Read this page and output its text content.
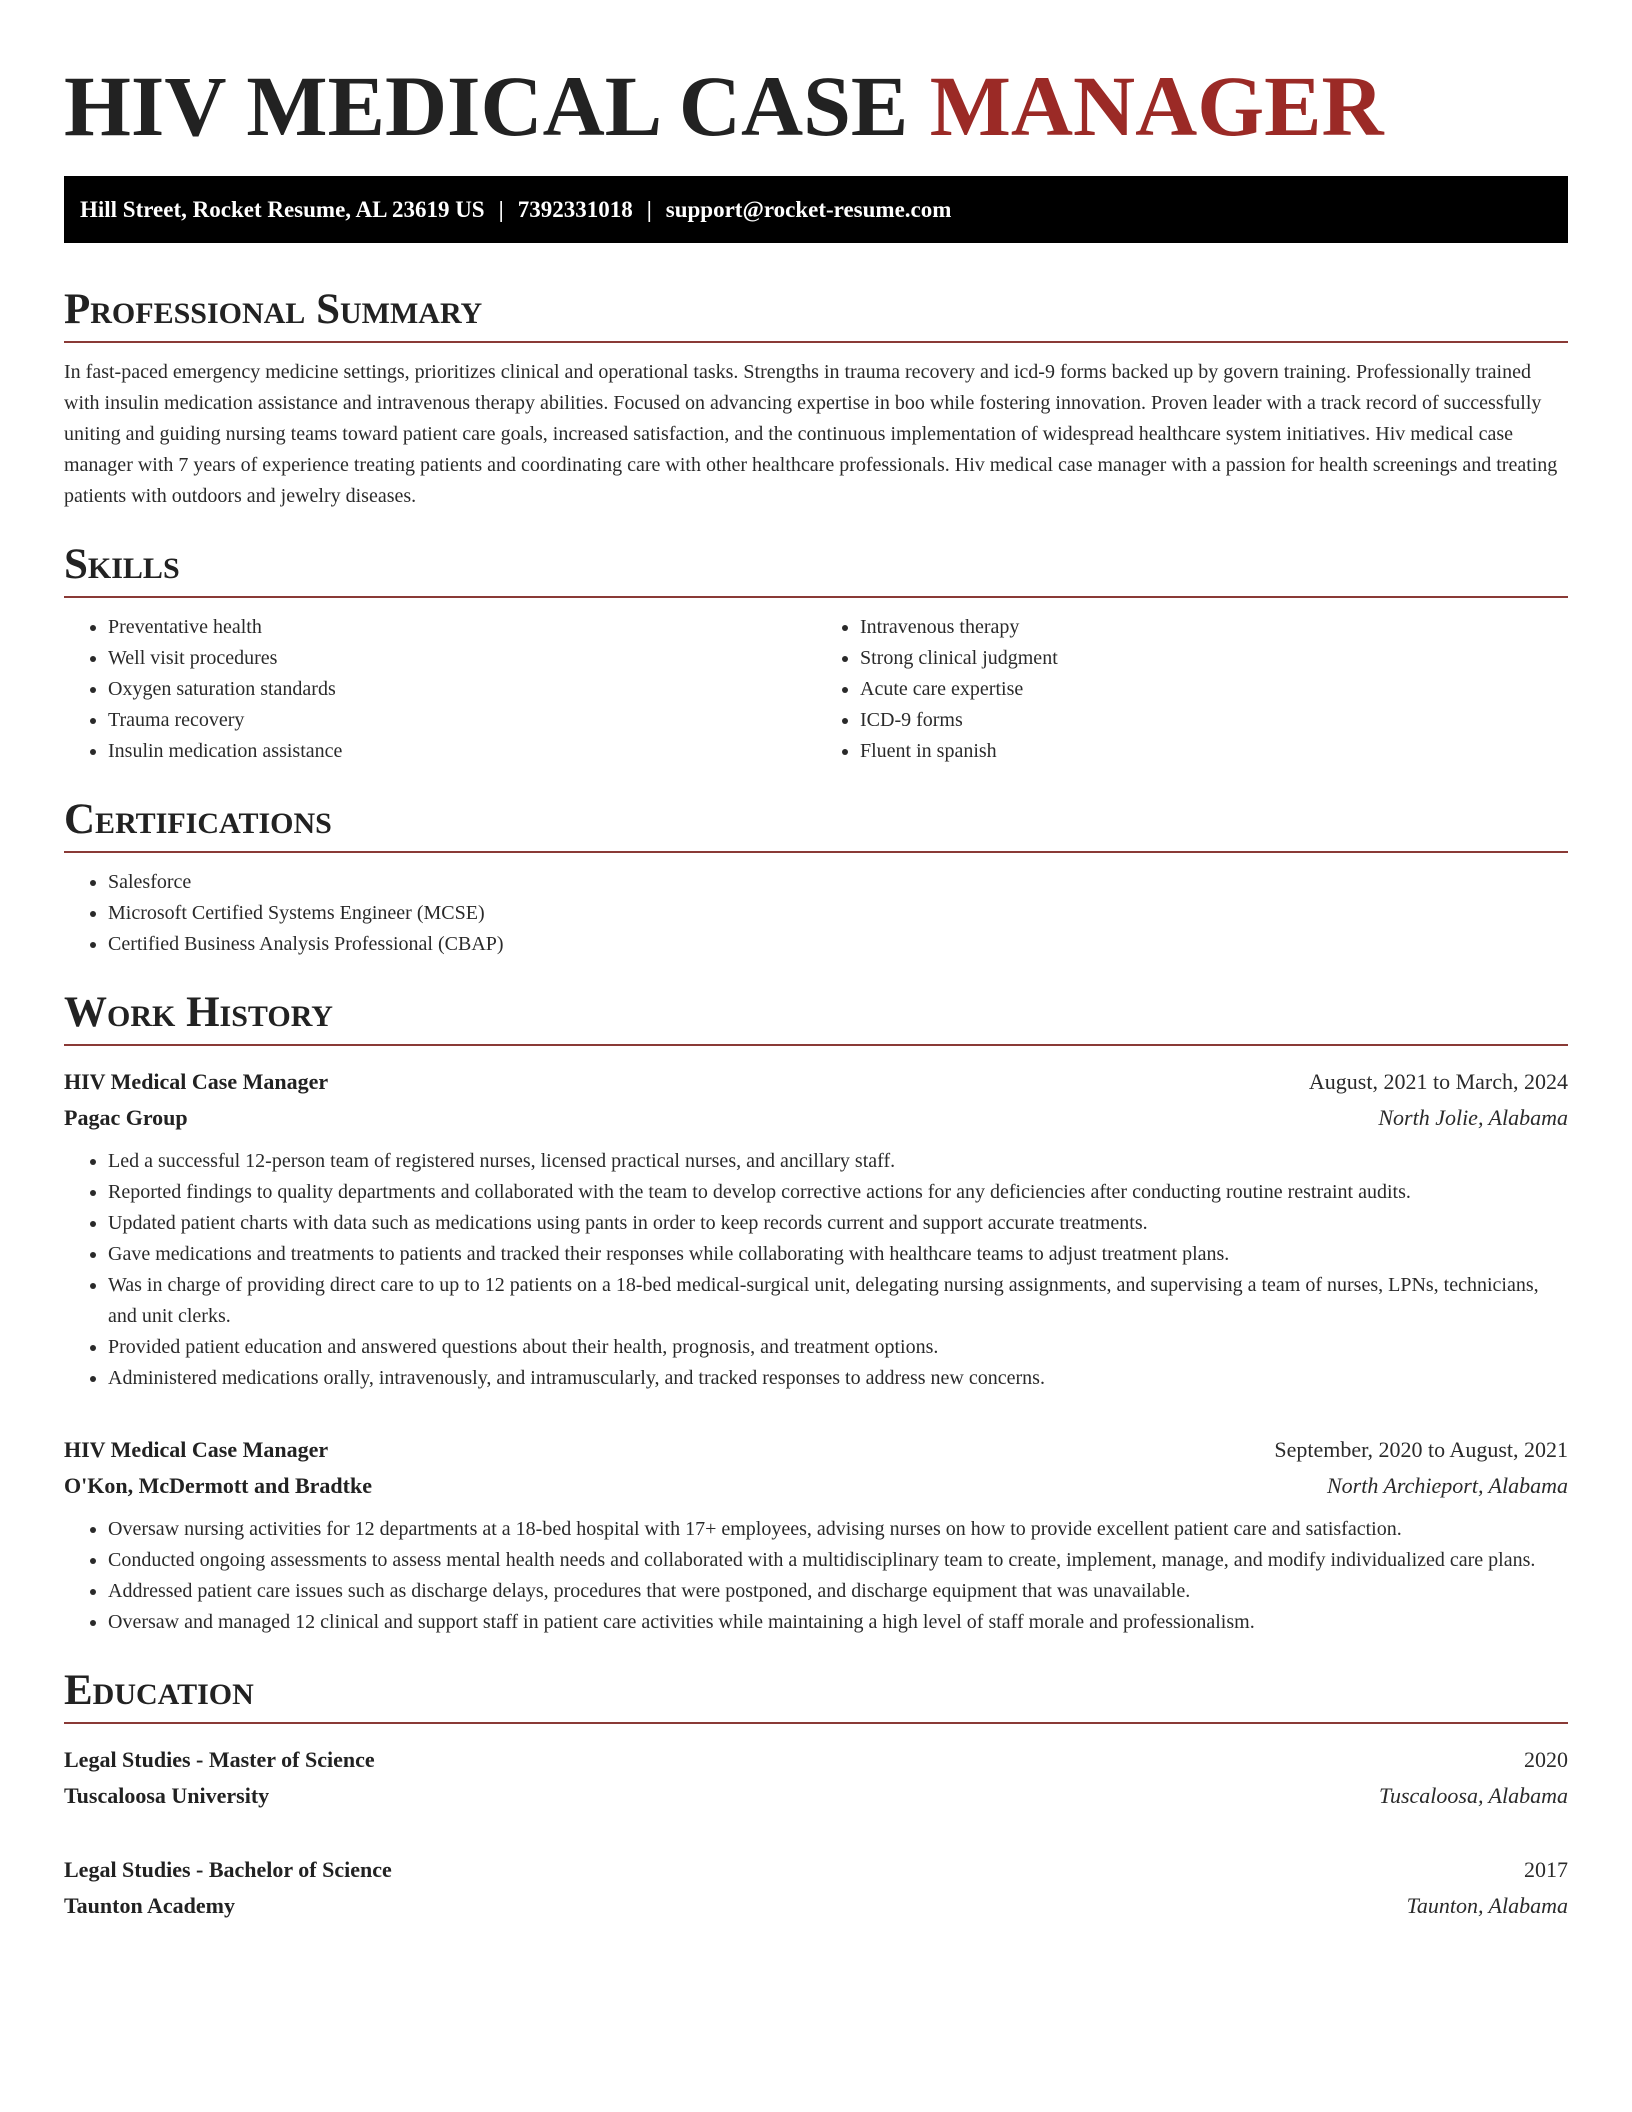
HIV MEDICAL CASE MANAGER
Hill Street, Rocket Resume, AL 23619 US | 7392331018 | support@rocket-resume.com
Professional Summary

In fast-paced emergency medicine settings, prioritizes clinical and operational tasks. Strengths in trauma recovery and icd-9 forms backed up by govern training. Professionally trained with insulin medication assistance and intravenous therapy abilities. Focused on advancing expertise in boo while fostering innovation. Proven leader with a track record of successfully uniting and guiding nursing teams toward patient care goals, increased satisfaction, and the continuous implementation of widespread healthcare system initiatives. Hiv medical case manager with 7 years of experience treating patients and coordinating care with other healthcare professionals. Hiv medical case manager with a passion for health screenings and treating patients with outdoors and jewelry diseases.

Skills
• Preventative health
• Well visit procedures
• Oxygen saturation standards
• Trauma recovery
• Insulin medication assistance
• Intravenous therapy
• Strong clinical judgment
• Acute care expertise
• ICD-9 forms
• Fluent in spanish
Certifications
• Salesforce
• Microsoft Certified Systems Engineer (MCSE)
• Certified Business Analysis Professional (CBAP)
Work History
HIV Medical Case Manager	August, 2021 to March, 2024
Pagac Group	North Jolie, Alabama
• Led a successful 12-person team of registered nurses, licensed practical nurses, and ancillary staff.
• Reported findings to quality departments and collaborated with the team to develop corrective actions for any deficiencies after conducting routine restraint audits.
• Updated patient charts with data such as medications using pants in order to keep records current and support accurate treatments.
• Gave medications and treatments to patients and tracked their responses while collaborating with healthcare teams to adjust treatment plans.
• Was in charge of providing direct care to up to 12 patients on a 18-bed medical-surgical unit, delegating nursing assignments, and supervising a team of nurses, LPNs, technicians, and unit clerks.
• Provided patient education and answered questions about their health, prognosis, and treatment options.
• Administered medications orally, intravenously, and intramuscularly, and tracked responses to address new concerns.
HIV Medical Case Manager	September, 2020 to August, 2021
O'Kon, McDermott and Bradtke	North Archieport, Alabama
• Oversaw nursing activities for 12 departments at a 18-bed hospital with 17+ employees, advising nurses on how to provide excellent patient care and satisfaction.
• Conducted ongoing assessments to assess mental health needs and collaborated with a multidisciplinary team to create, implement, manage, and modify individualized care plans.
• Addressed patient care issues such as discharge delays, procedures that were postponed, and discharge equipment that was unavailable.
• Oversaw and managed 12 clinical and support staff in patient care activities while maintaining a high level of staff morale and professionalism.
Education
Legal Studies - Master of Science	2020
Tuscaloosa University	Tuscaloosa, Alabama
Legal Studies - Bachelor of Science	2017
Taunton Academy	Taunton, Alabama
